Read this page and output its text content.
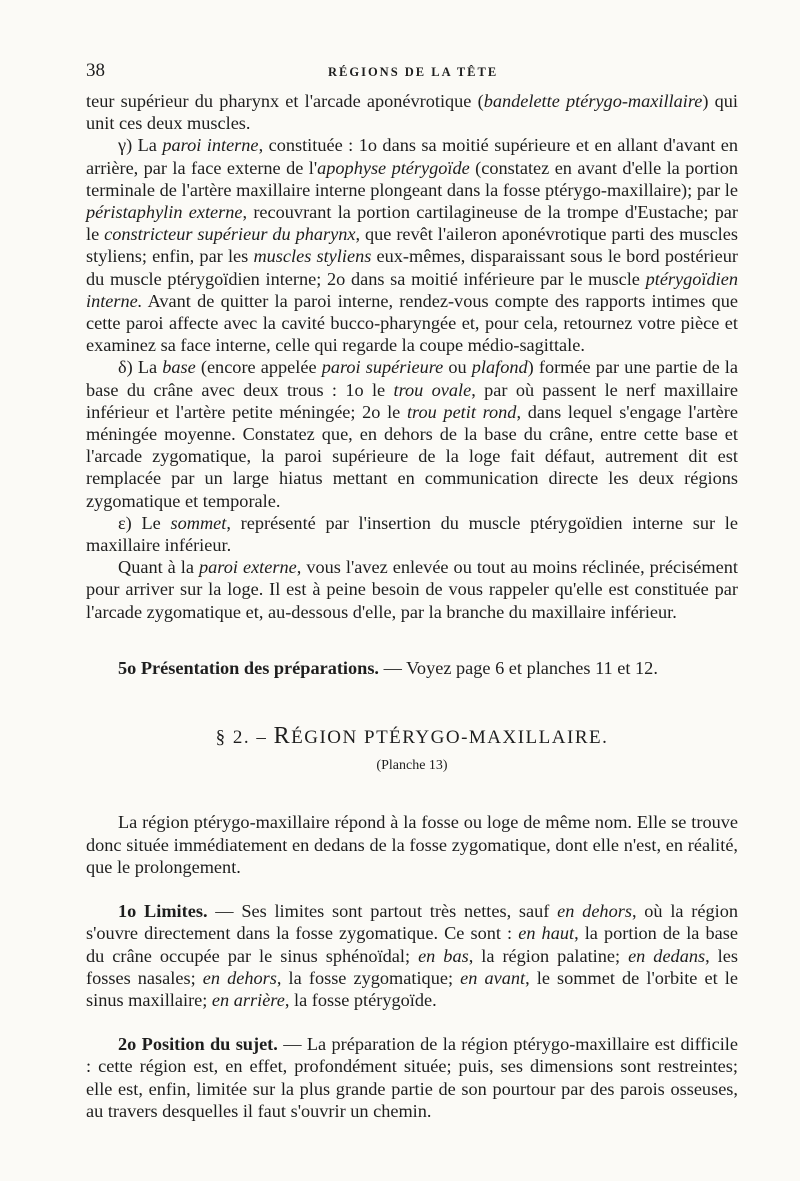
38	RÉGIONS DE LA TÊTE

teur supérieur du pharynx et l'arcade aponévrotique (bandelette ptérygo-maxillaire) qui unit ces deux muscles.

γ) La paroi interne, constituée : 1o dans sa moitié supérieure et en allant d'avant en arrière, par la face externe de l'apophyse ptérygoïde (constatez en avant d'elle la portion terminale de l'artère maxillaire interne plongeant dans la fosse ptérygo-maxillaire); par le péristaphylin externe, recouvrant la portion cartilagineuse de la trompe d'Eustache; par le constricteur supérieur du pharynx, que revêt l'aileron aponévrotique parti des muscles styliens; enfin, par les muscles styliens eux-mêmes, disparaissant sous le bord postérieur du muscle ptérygoïdien interne; 2o dans sa moitié inférieure par le muscle ptérygoïdien interne. Avant de quitter la paroi interne, rendez-vous compte des rapports intimes que cette paroi affecte avec la cavité bucco-pharyngée et, pour cela, retournez votre pièce et examinez sa face interne, celle qui regarde la coupe médio-sagittale.

δ) La base (encore appelée paroi supérieure ou plafond) formée par une partie de la base du crâne avec deux trous : 1o le trou ovale, par où passent le nerf maxillaire inférieur et l'artère petite méningée; 2o le trou petit rond, dans lequel s'engage l'artère méningée moyenne. Constatez que, en dehors de la base du crâne, entre cette base et l'arcade zygomatique, la paroi supérieure de la loge fait défaut, autrement dit est remplacée par un large hiatus mettant en communication directe les deux régions zygomatique et temporale.

ε) Le sommet, représenté par l'insertion du muscle ptérygoïdien interne sur le maxillaire inférieur.

Quant à la paroi externe, vous l'avez enlevée ou tout au moins réclinée, précisément pour arriver sur la loge. Il est à peine besoin de vous rappeler qu'elle est constituée par l'arcade zygomatique et, au-dessous d'elle, par la branche du maxillaire inférieur.

5o Présentation des préparations. — Voyez page 6 et planches 11 et 12.

§ 2. – RÉGION PTÉRYGO-MAXILLAIRE.
(Planche 13)

La région ptérygo-maxillaire répond à la fosse ou loge de même nom. Elle se trouve donc située immédiatement en dedans de la fosse zygomatique, dont elle n'est, en réalité, que le prolongement.

1o Limites. — Ses limites sont partout très nettes, sauf en dehors, où la région s'ouvre directement dans la fosse zygomatique. Ce sont : en haut, la portion de la base du crâne occupée par le sinus sphénoïdal; en bas, la région palatine; en dedans, les fosses nasales; en dehors, la fosse zygomatique; en avant, le sommet de l'orbite et le sinus maxillaire; en arrière, la fosse ptérygoïde.

2o Position du sujet. — La préparation de la région ptérygo-maxillaire est difficile : cette région est, en effet, profondément située; puis, ses dimensions sont restreintes; elle est, enfin, limitée sur la plus grande partie de son pourtour par des parois osseuses, au travers desquelles il faut s'ouvrir un chemin.
